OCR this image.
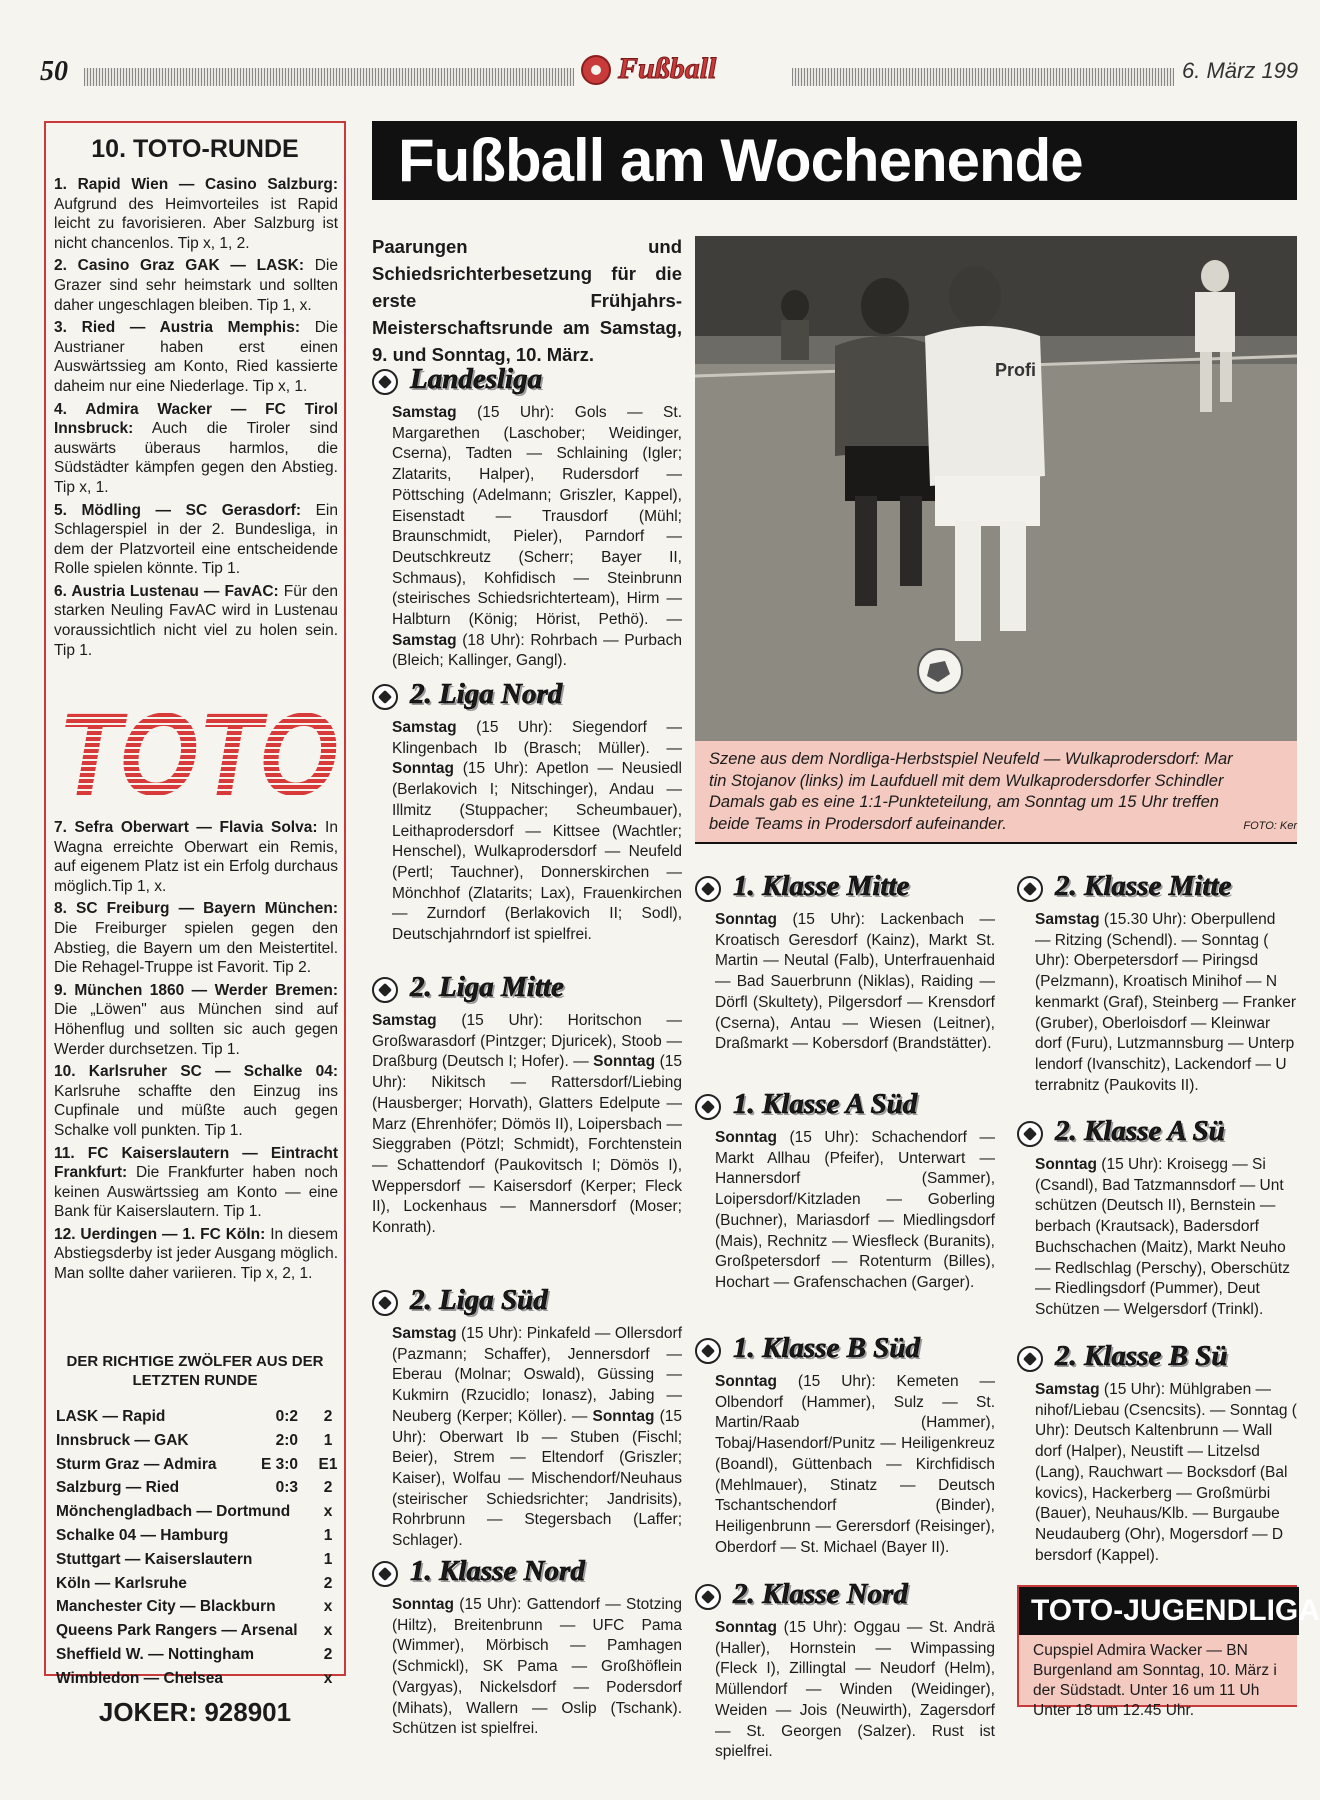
50	Fußball	6. März 199
10. TOTO-RUNDE

1. Rapid Wien — Casino Salzburg: Aufgrund des Heimvorteiles ist Rapid leicht zu favorisieren. Aber Salzburg ist nicht chancenlos. Tip x, 1, 2.

2. Casino Graz GAK — LASK: Die Grazer sind sehr heimstark und sollten daher ungeschlagen bleiben. Tip 1, x.

3. Ried — Austria Memphis: Die Austrianer haben erst einen Auswärtssieg am Konto, Ried kassierte daheim nur eine Niederlage. Tip x, 1.

4. Admira Wacker — FC Tirol Innsbruck: Auch die Tiroler sind auswärts überaus harmlos, die Südstädter kämpfen gegen den Abstieg. Tip x, 1.

5. Mödling — SC Gerasdorf: Ein Schlagerspiel in der 2. Bundesliga, in dem der Platzvorteil eine entscheidende Rolle spielen könnte. Tip 1.

6. Austria Lustenau — FavAC: Für den starken Neuling FavAC wird in Lustenau voraussichtlich nicht viel zu holen sein. Tip 1.

TOTO

7. Sefra Oberwart — Flavia Solva: In Wagna erreichte Oberwart ein Remis, auf eigenem Platz ist ein Erfolg durchaus möglich.Tip 1, x.

8. SC Freiburg — Bayern München: Die Freiburger spielen gegen den Abstieg, die Bayern um den Meistertitel. Die Rehagel-Truppe ist Favorit. Tip 2.

9. München 1860 — Werder Bremen: Die „Löwen" aus München sind auf Höhenflug und sollten sic auch gegen Werder durchsetzen. Tip 1.

10. Karlsruher SC — Schalke 04: Karlsruhe schaffte den Einzug ins Cupfinale und müßte auch gegen Schalke voll punkten. Tip 1.

11. FC Kaiserslautern — Eintracht Frankfurt: Die Frankfurter haben noch keinen Auswärtssieg am Konto — eine Bank für Kaiserslautern. Tip 1.

12. Uerdingen — 1. FC Köln: In diesem Abstiegsderby ist jeder Ausgang möglich. Man sollte daher variieren. Tip x, 2, 1.

DER RICHTIGE ZWÖLFER AUS DER LETZTEN RUNDE
LASK — Rapid	0:2	2
Innsbruck — GAK	2:0	1
Sturm Graz — Admira	E 3:0 E1
Salzburg — Ried	0:3	2
Mönchengladbach — Dortmund	x
Schalke 04 — Hamburg	1
Stuttgart — Kaiserslautern	1
Köln — Karlsruhe	2
Manchester City — Blackburn	x
Queens Park Rangers — Arsenal	x
Sheffield W. — Nottingham	2
Wimbledon — Chelsea	x
JOKER: 928901
Fußball am Wochenende
Paarungen und Schiedsrichterbesetzung für die erste Frühjahrs-Meisterschaftsrunde am Samstag, 9. und Sonntag, 10. März.
Landesliga
Samstag (15 Uhr): Gols — St. Margarethen (Laschober; Weidinger, Cserna), Tadten — Schlaining (Igler; Zlatarits, Halper), Rudersdorf — Pöttsching (Adelmann; Griszler, Kappel), Eisenstadt — Trausdorf (Mühl; Braunschmidt, Pieler), Parndorf — Deutschkreutz (Scherr; Bayer II, Schmaus), Kohfidisch — Steinbrunn (steirisches Schiedsrichterteam), Hirm — Halbturn (König; Hörist, Pethö). — Samstag (18 Uhr): Rohrbach — Purbach (Bleich; Kallinger, Gangl).
2. Liga Nord
Samstag (15 Uhr): Siegendorf — Klingenbach Ib (Brasch; Müller). — Sonntag (15 Uhr): Apetlon — Neusiedl (Berlakovich I; Nitschinger), Andau — Illmitz (Stuppacher; Scheumbauer), Leithaprodersdorf — Kittsee (Wachtler; Henschel), Wulkaprodersdorf — Neufeld (Pertl; Tauchner), Donnerskirchen — Mönchhof (Zlatarits; Lax), Frauenkirchen — Zurndorf (Berlakovich II; Sodl), Deutschjahrndorf ist spielfrei.
2. Liga Mitte
Samstag (15 Uhr): Horitschon — Großwarasdorf (Pintzger; Djuricek), Stoob — Draßburg (Deutsch I; Hofer). — Sonntag (15 Uhr): Nikitsch — Rattersdorf/Liebing (Hausberger; Horvath), Glatters Edelpute — Marz (Ehrenhöfer; Dömös II), Loipersbach — Sieggraben (Pötzl; Schmidt), Forchtenstein — Schattendorf (Paukovitsch I; Dömös I), Weppersdorf — Kaisersdorf (Kerper; Fleck II), Lockenhaus — Mannersdorf (Moser; Konrath).
2. Liga Süd
Samstag (15 Uhr): Pinkafeld — Ollersdorf (Pazmann; Schaffer), Jennersdorf — Eberau (Molnar; Oswald), Güssing — Kukmirn (Rzucidlo; Ionasz), Jabing — Neuberg (Kerper; Köller). — Sonntag (15 Uhr): Oberwart Ib — Stuben (Fischl; Beier), Strem — Eltendorf (Griszler; Kaiser), Wolfau — Mischendorf/Neuhaus (steirischer Schiedsrichter; Jandrisits), Rohrbrunn — Stegersbach (Laffer; Schlager).
1. Klasse Nord
Sonntag (15 Uhr): Gattendorf — Stotzing (Hiltz), Breitenbrunn — UFC Pama (Wimmer), Mörbisch — Pamhagen (Schmickl), SK Pama — Großhöflein (Vargyas), Nickelsdorf — Podersdorf (Mihats), Wallern — Oslip (Tschank). Schützen ist spielfrei.
Profi
Szene aus dem Nordliga-Herbstspiel Neufeld — Wulkaprodersdorf: Mar
tin Stojanov (links) im Laufduell mit dem Wulkaprodersdorfer Schindler
Damals gab es eine 1:1-Punkteteilung, am Sonntag um 15 Uhr treffen
beide Teams in Prodersdorf aufeinander.	FOTO: Ker
1. Klasse Mitte
Sonntag (15 Uhr): Lackenbach — Kroatisch Geresdorf (Kainz), Markt St. Martin — Neutal (Falb), Unterfrauenhaid — Bad Sauerbrunn (Niklas), Raiding — Dörfl (Skultety), Pilgersdorf — Krensdorf (Cserna), Antau — Wiesen (Leitner), Draßmarkt — Kobersdorf (Brandstätter).
1. Klasse A Süd
Sonntag (15 Uhr): Schachendorf — Markt Allhau (Pfeifer), Unterwart — Hannersdorf (Sammer), Loipersdorf/Kitzladen — Goberling (Buchner), Mariasdorf — Miedlingsdorf (Mais), Rechnitz — Wiesfleck (Buranits), Großpetersdorf — Rotenturm (Billes), Hochart — Grafenschachen (Garger).
1. Klasse B Süd
Sonntag (15 Uhr): Kemeten — Olbendorf (Hammer), Sulz — St. Martin/Raab (Hammer), Tobaj/Hasendorf/Punitz — Heiligenkreuz (Boandl), Güttenbach — Kirchfidisch (Mehlmauer), Stinatz — Deutsch Tschantschendorf (Binder), Heiligenbrunn — Gerersdorf (Reisinger), Oberdorf — St. Michael (Bayer II).
2. Klasse Nord
Sonntag (15 Uhr): Oggau — St. Andrä (Haller), Hornstein — Wimpassing (Fleck I), Zillingtal — Neudorf (Helm), Müllendorf — Winden (Weidinger), Weiden — Jois (Neuwirth), Zagersdorf — St. Georgen (Salzer). Rust ist spielfrei.
2. Klasse Mitte
Samstag (15.30 Uhr): Oberpullend
— Ritzing (Schendl). — Sonntag (
Uhr): Oberpetersdorf — Piringsd
(Pelzmann), Kroatisch Minihof — N
kenmarkt (Graf), Steinberg — Franker
(Gruber), Oberloisdorf — Kleinwar
dorf (Furu), Lutzmannsburg — Unterp
lendorf (Ivanschitz), Lackendorf — U
terrabnitz (Paukovits II).
2. Klasse A Sü
Sonntag (15 Uhr): Kroisegg — Si
(Csandl), Bad Tatzmannsdorf — Unt
schützen (Deutsch II), Bernstein —
berbach (Krautsack), Badersdorf
Buchschachen (Maitz), Markt Neuho
— Redlschlag (Perschy), Oberschütz
— Riedlingsdorf (Pummer), Deut
Schützen — Welgersdorf (Trinkl).
2. Klasse B Sü
Samstag (15 Uhr): Mühlgraben —
nihof/Liebau (Csencsits). — Sonntag (
Uhr): Deutsch Kaltenbrunn — Wall
dorf (Halper), Neustift — Litzelsd
(Lang), Rauchwart — Bocksdorf (Bal
kovics), Hackerberg — Großmürbi
(Bauer), Neuhaus/Klb. — Burgaube
Neudauberg (Ohr), Mogersdorf — D
bersdorf (Kappel).
TOTO-JUGENDLIGA
Cupspiel Admira Wacker — BN
Burgenland am Sonntag, 10. März i
der Südstadt. Unter 16 um 11 Uh
Unter 18 um 12.45 Uhr.
